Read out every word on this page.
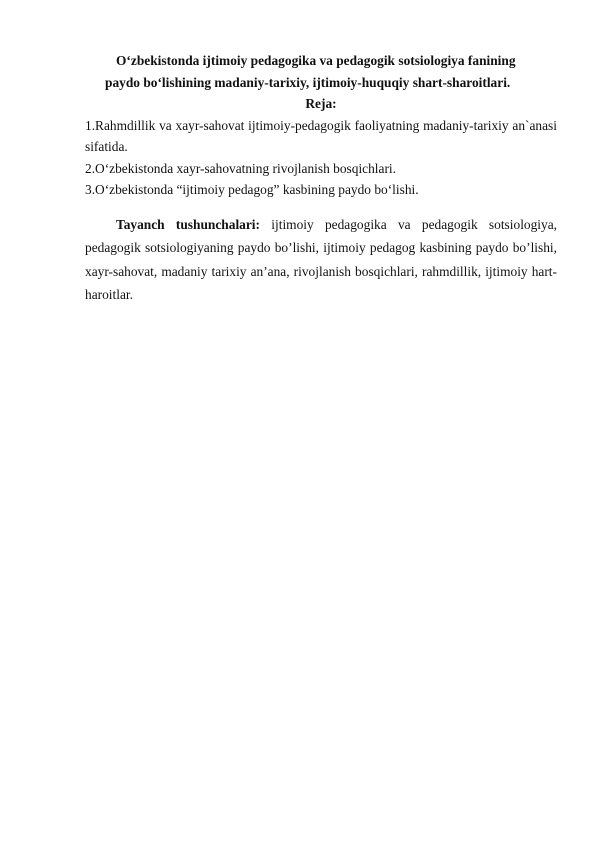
O‘zbekistonda ijtimoiy pedagogika va pedagogik sotsiologiya fanining
paydo bo‘lishining madaniy-tarixiy, ijtimoiy-huquqiy shart-sharoitlari.

Reja:

1.Rahmdillik va xayr-sahovat ijtimoiy-pedagogik faoliyatning madaniy-tarixiy an`anasi sifatida.
2.O‘zbekistonda xayr-sahovatning rivojlanish bosqichlari.
3.O‘zbekistonda “ijtimoiy pedagog” kasbining paydo bo‘lishi.

Tayanch tushunchalari: ijtimoiy pedagogika va pedagogik sotsiologiya, pedagogik sotsiologiyaning paydo bo’lishi, ijtimoiy pedagog kasbining paydo bo’lishi, xayr-sahovat, madaniy tarixiy an’ana, rivojlanish bosqichlari, rahmdillik, ijtimoiy hart-haroitlar.
